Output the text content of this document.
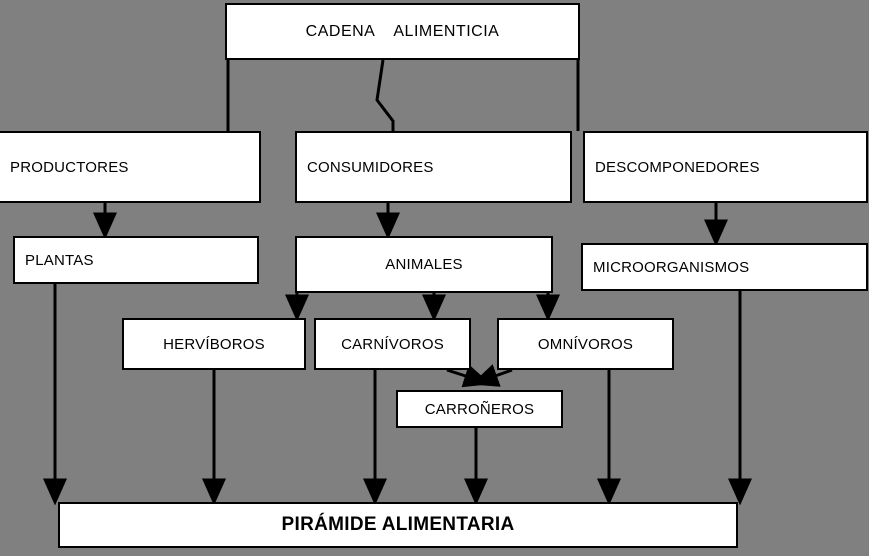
CADENA    ALIMENTICIA
PRODUCTORES	CONSUMIDORES	DESCOMPONEDORES
PLANTAS	ANIMALES	MICROORGANISMOS
HERVÍBOROS	CARNÍVOROS	OMNÍVOROS
CARROÑEROS
PIRÁMIDE ALIMENTARIA
